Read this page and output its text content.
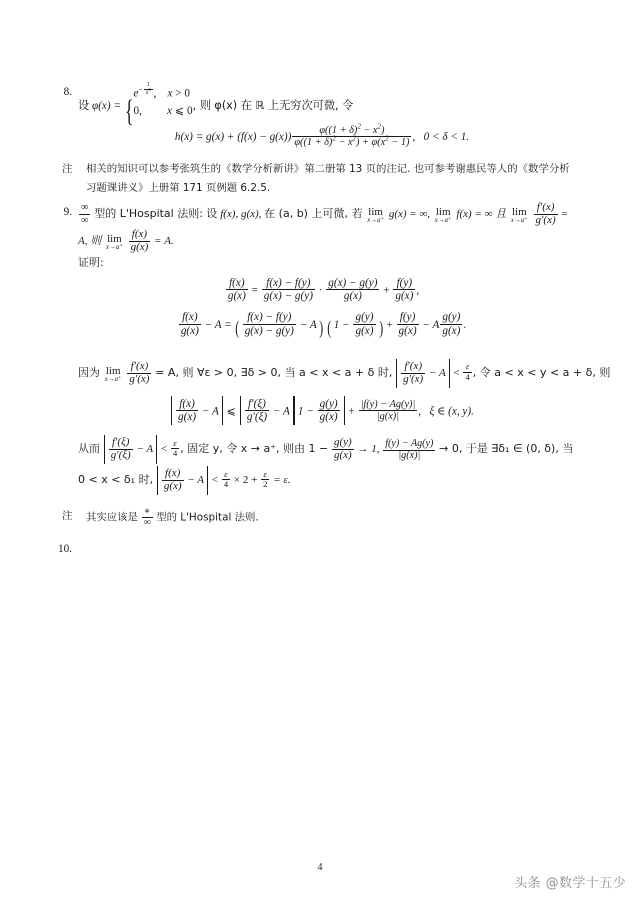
8.
设 φ(x) = {
$e^{- \frac{1}{x^2}}$ , x > 0
0, x ⩽ 0 , 则 φ(x) 在 ℝ 上无穷次可微, 令
$h(x) = g(x) + (f(x) - g(x)) \frac{\varphi((1 + \delta)^2 - x^2)}{\varphi((1 + \delta)^2 - x^2) + \varphi(x^2 - 1)}$ , 0 < δ < 1.
注 相关的知识可以参考张筑生的《数学分析新讲》第二册第 13 页的注记. 也可参考谢惠民等人的《数学分析
习题课讲义》上册第 171 页例题 6.2.5.
9. $\frac{\infty}{\infty}$ 型的 L'Hospital 法则: 设 f(x), g(x), 在 (a, b) 上可微, 若 lim
x→a⁺
g(x) = ∞, lim
x→a⁺
f(x) = ∞ 且 lim
x→a⁺
$\frac{f'(x)}{g'(x)}$ =
A, 则 lim
x→a⁺
$\frac{f(x)}{g(x)} = A$.
证明:
$\frac{f(x)}{g(x)} = \frac{f(x) - f(y)}{g(x) - g(y)} \cdot \frac{g(x) - g(y)}{g(x)} + \frac{f(y)}{g(x)}$ ,
$\frac{f(x)}{g(x)} - A$ = ( $\frac{f(x) - f(y)}{g(x) - g(y)} - A$ ) ( $1 - \frac{g(y)}{g(x)}$ ) + $\frac{f(y)}{g(x)} - A \frac{g(y)}{g(x)}$ .
因为 lim
x→a⁺
$\frac{f'(x)}{g'(x)} = A$, 则 ∀ε > 0, ∃δ > 0, 当 a < x < a + δ 时, $\frac{f'(x)}{g'(x)} - A < \frac{\varepsilon}{4}$ , 令 a < x < y < a + δ, 则
$\frac{f(x)}{g(x)} - A$ ⩽ $\frac{f'(\xi)}{g'(\xi)} - A$ $1 - \frac{g(y)}{g(x)} + \frac{|f(y) - Ag(y)|}{|g(x)|}$ , ξ ∈ (x, y).
从而 $\frac{f'(\xi)}{g'(\xi)} - A < \frac{\varepsilon}{4}$ , 固定 y, 令 x → a⁺, 则由 $1 - \frac{g(y)}{g(x)} \to 1$, $\frac{f(y) - Ag(y)}{|g(x)|} \to 0$, 于是 ∃δ₁ ∈ (0, δ), 当
0 < x < δ₁ 时, $\frac{f(x)}{g(x)} - A < \frac{\varepsilon}{4} \times 2 + \frac{\varepsilon}{2} = \varepsilon$.
注 其实应该是 $\frac{∗}{\infty}$ 型的 L'Hospital 法则.
10.
4
头条 @数学十五少
